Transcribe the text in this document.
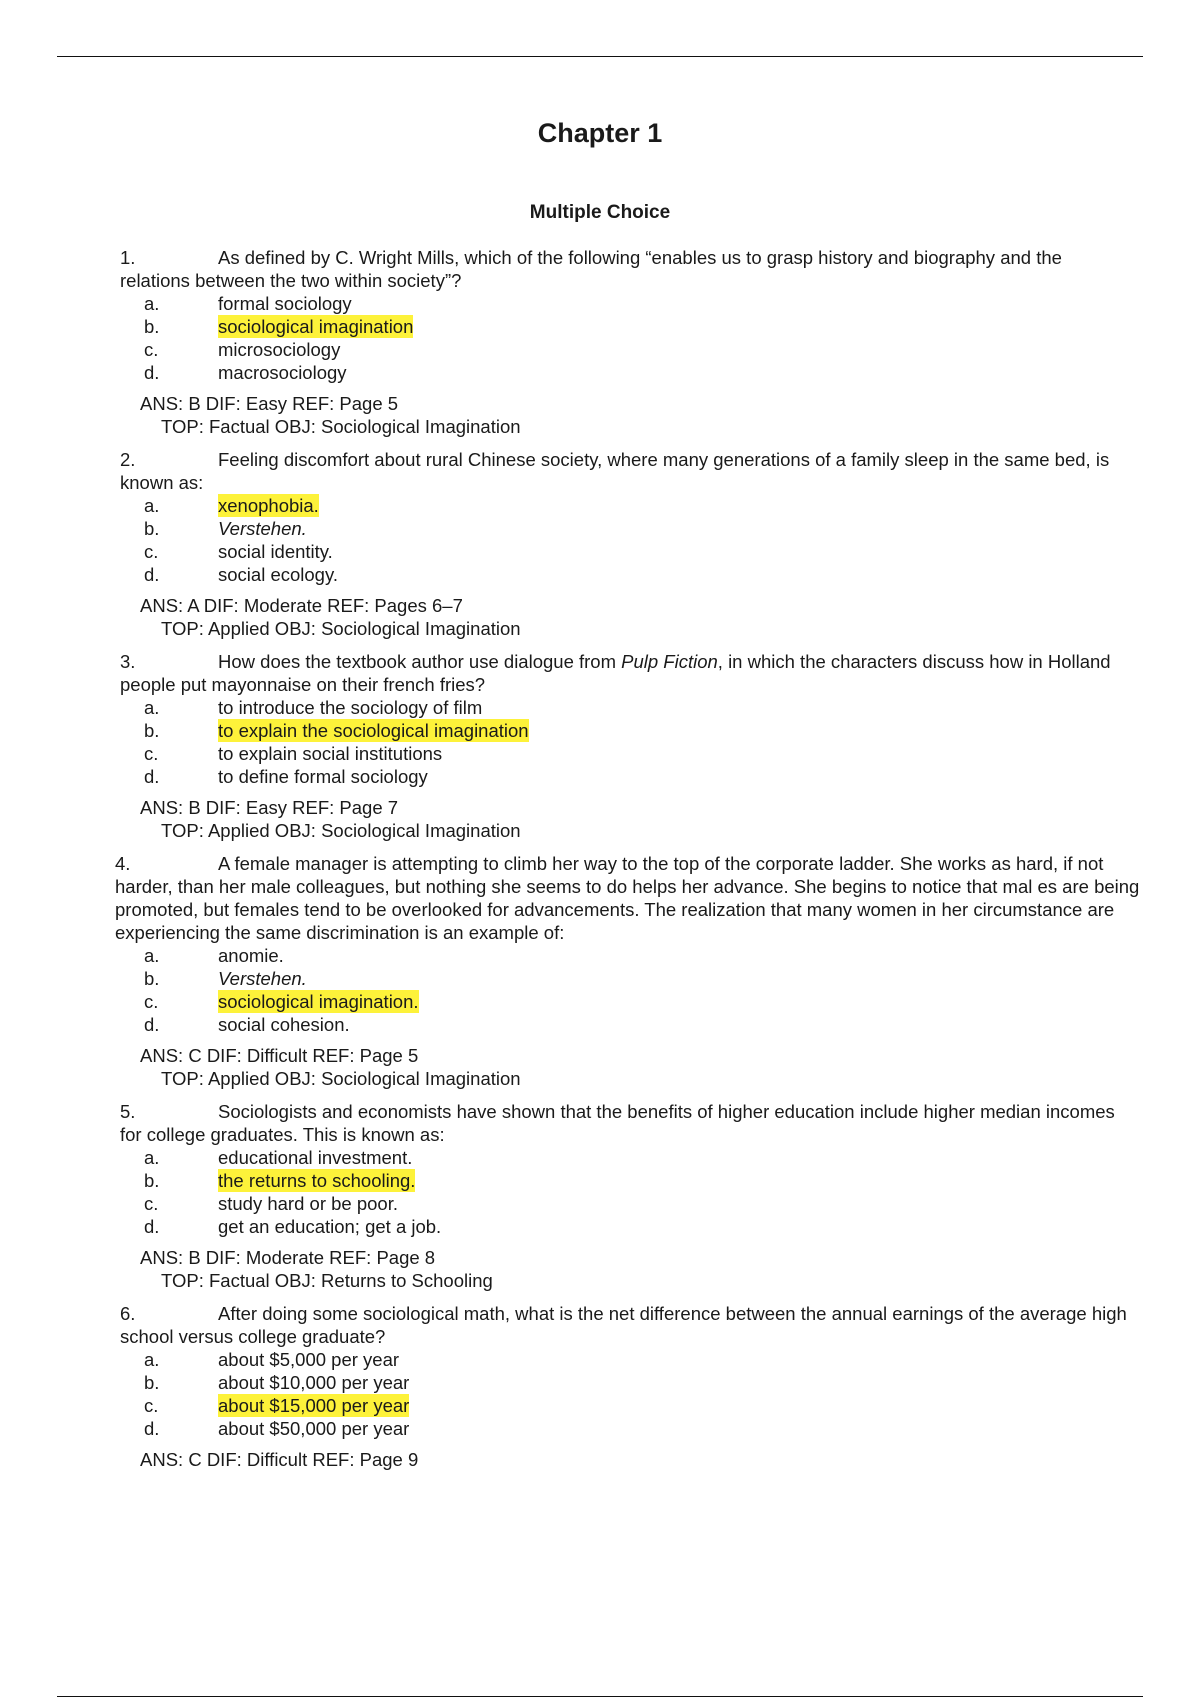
Chapter 1
Multiple Choice

1.	As defined by C. Wright Mills, which of the following “enables us to grasp history and biography and the relations between the two within society”?

a.	formal sociology
b.	sociological imagination
c.	microsociology
d.	macrosociology

ANS: B DIF: Easy REF: Page 5

TOP: Factual OBJ: Sociological Imagination

2.	Feeling discomfort about rural Chinese society, where many generations of a family sleep in the same bed, is known as:

a.	xenophobia.
b.	Verstehen.
c.	social identity.
d.	social ecology.

ANS: A DIF: Moderate REF: Pages 6–7

TOP: Applied OBJ: Sociological Imagination

3.	How does the textbook author use dialogue from Pulp Fiction, in which the characters discuss how in Holland people put mayonnaise on their french fries?

a.	to introduce the sociology of film
b.	to explain the sociological imagination
c.	to explain social institutions
d.	to define formal sociology

ANS: B DIF: Easy REF: Page 7

TOP: Applied OBJ: Sociological Imagination

4.	A female manager is attempting to climb her way to the top of the corporate ladder. She works as hard, if not harder, than her male colleagues, but nothing she seems to do helps her advance. She begins to notice that mal es are being promoted, but females tend to be overlooked for advancements. The realization that many women in her circumstance are experiencing the same discrimination is an example of:

a.	anomie.
b.	Verstehen.
c.	sociological imagination.
d.	social cohesion.

ANS: C DIF: Difficult REF: Page 5

TOP: Applied OBJ: Sociological Imagination

5.	Sociologists and economists have shown that the benefits of higher education include higher median incomes for college graduates. This is known as:

a.	educational investment.
b.	the returns to schooling.
c.	study hard or be poor.
d.	get an education; get a job.

ANS: B DIF: Moderate REF: Page 8

TOP: Factual OBJ: Returns to Schooling

6.	After doing some sociological math, what is the net difference between the annual earnings of the average high school versus college graduate?

a.	about $5,000 per year
b.	about $10,000 per year
c.	about $15,000 per year
d.	about $50,000 per year

ANS: C DIF: Difficult REF: Page 9
